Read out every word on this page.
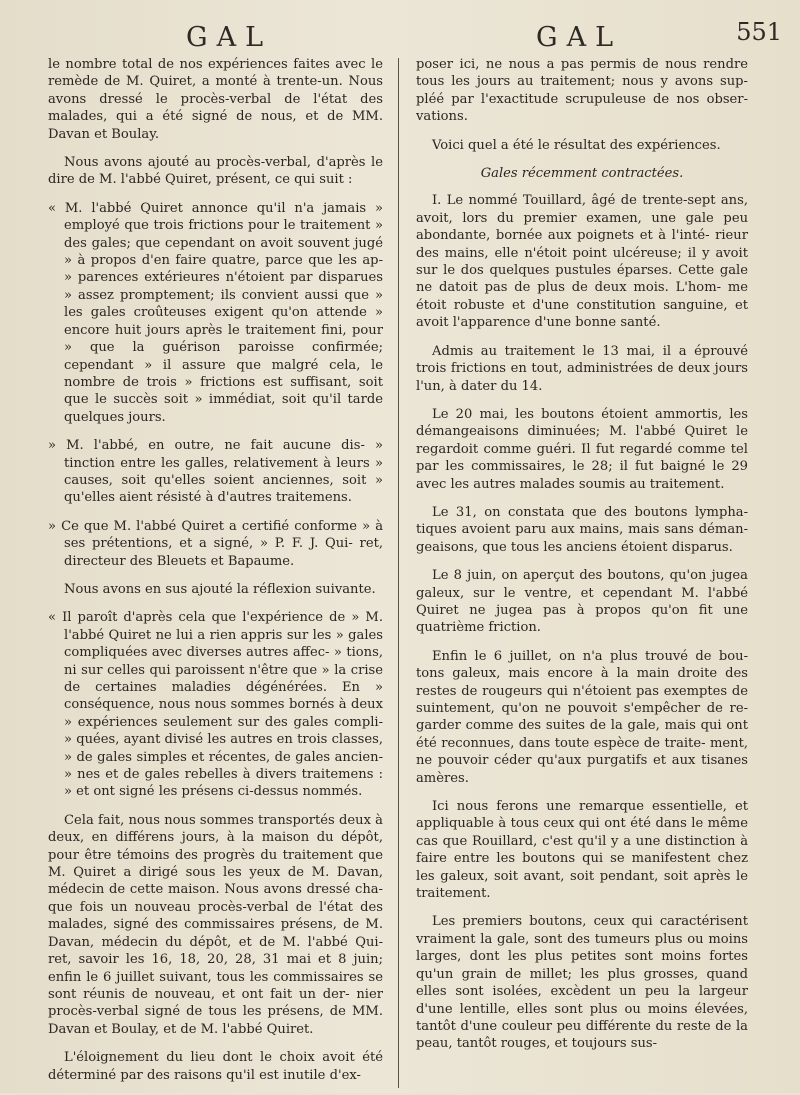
GAL	GAL	551

le nombre total de nos expériences faites avec le remède de M. Quiret, a monté à trente-un. Nous avons dressé le procès-verbal de l'état des malades, qui a été signé de nous, et de MM. Davan et Boulay.

Nous avons ajouté au procès-verbal, d'après le dire de M. l'abbé Quiret, présent, ce qui suit :

« M. l'abbé Quiret annonce qu'il n'a jamais » employé que trois frictions pour le traitement » des gales; que cependant on avoit souvent jugé » à propos d'en faire quatre, parce que les ap- » parences extérieures n'étoient par disparues » assez promptement; ils convient aussi que » les gales croûteuses exigent qu'on attende » encore huit jours après le traitement fini, pour » que la guérison paroisse confirmée; cependant » il assure que malgré cela, le nombre de trois » frictions est suffisant, soit que le succès soit » immédiat, soit qu'il tarde quelques jours.

» M. l'abbé, en outre, ne fait aucune dis- » tinction entre les galles, relativement à leurs » causes, soit qu'elles soient anciennes, soit » qu'elles aient résisté à d'autres traitemens.

» Ce que M. l'abbé Quiret a certifié conforme » à ses prétentions, et a signé, » P. F. J. Qui- ret, directeur des Bleuets et Bapaume.

Nous avons en sus ajouté la réflexion suivante.

« Il paroît d'après cela que l'expérience de » M. l'abbé Quiret ne lui a rien appris sur les » gales compliquées avec diverses autres affec- » tions, ni sur celles qui paroissent n'être que » la crise de certaines maladies dégénérées. En » conséquence, nous nous sommes bornés à deux » expériences seulement sur des gales compli- » quées, ayant divisé les autres en trois classes, » de gales simples et récentes, de gales ancien- » nes et de gales rebelles à divers traitemens : » et ont signé les présens ci-dessus nommés.

Cela fait, nous nous sommes transportés deux à deux, en différens jours, à la maison du dépôt, pour être témoins des progrès du traitement que M. Quiret a dirigé sous les yeux de M. Davan, médecin de cette maison. Nous avons dressé cha- que fois un nouveau procès-verbal de l'état des malades, signé des commissaires présens, de M. Davan, médecin du dépôt, et de M. l'abbé Qui- ret, savoir les 16, 18, 20, 28, 31 mai et 8 juin; enfin le 6 juillet suivant, tous les commissaires se sont réunis de nouveau, et ont fait un der- nier procès-verbal signé de tous les présens, de MM. Davan et Boulay, et de M. l'abbé Quiret.

L'éloignement du lieu dont le choix avoit été déterminé par des raisons qu'il est inutile d'ex-

poser ici, ne nous a pas permis de nous rendre tous les jours au traitement; nous y avons sup- pléé par l'exactitude scrupuleuse de nos obser- vations.

Voici quel a été le résultat des expériences.

Gales récemment contractées.

I. Le nommé Touillard, âgé de trente-sept ans, avoit, lors du premier examen, une gale peu abondante, bornée aux poignets et à l'inté- rieur des mains, elle n'étoit point ulcéreuse; il y avoit sur le dos quelques pustules éparses. Cette gale ne datoit pas de plus de deux mois. L'hom- me étoit robuste et d'une constitution sanguine, et avoit l'apparence d'une bonne santé.

Admis au traitement le 13 mai, il a éprouvé trois frictions en tout, administrées de deux jours l'un, à dater du 14.

Le 20 mai, les boutons étoient ammortis, les démangeaisons diminuées; M. l'abbé Quiret le regardoit comme guéri. Il fut regardé comme tel par les commissaires, le 28; il fut baigné le 29 avec les autres malades soumis au traitement.

Le 31, on constata que des boutons lympha- tiques avoient paru aux mains, mais sans déman- geaisons, que tous les anciens étoient disparus.

Le 8 juin, on aperçut des boutons, qu'on jugea galeux, sur le ventre, et cependant M. l'abbé Quiret ne jugea pas à propos qu'on fit une quatrième friction.

Enfin le 6 juillet, on n'a plus trouvé de bou- tons galeux, mais encore à la main droite des restes de rougeurs qui n'étoient pas exemptes de suintement, qu'on ne pouvoit s'empêcher de re- garder comme des suites de la gale, mais qui ont été reconnues, dans toute espèce de traite- ment, ne pouvoir céder qu'aux purgatifs et aux tisanes amères.

Ici nous ferons une remarque essentielle, et appliquable à tous ceux qui ont été dans le même cas que Rouillard, c'est qu'il y a une distinction à faire entre les boutons qui se manifestent chez les galeux, soit avant, soit pendant, soit après le traitement.

Les premiers boutons, ceux qui caractérisent vraiment la gale, sont des tumeurs plus ou moins larges, dont les plus petites sont moins fortes qu'un grain de millet; les plus grosses, quand elles sont isolées, excèdent un peu la largeur d'une lentille, elles sont plus ou moins élevées, tantôt d'une couleur peu différente du reste de la peau, tantôt rouges, et toujours sus-
